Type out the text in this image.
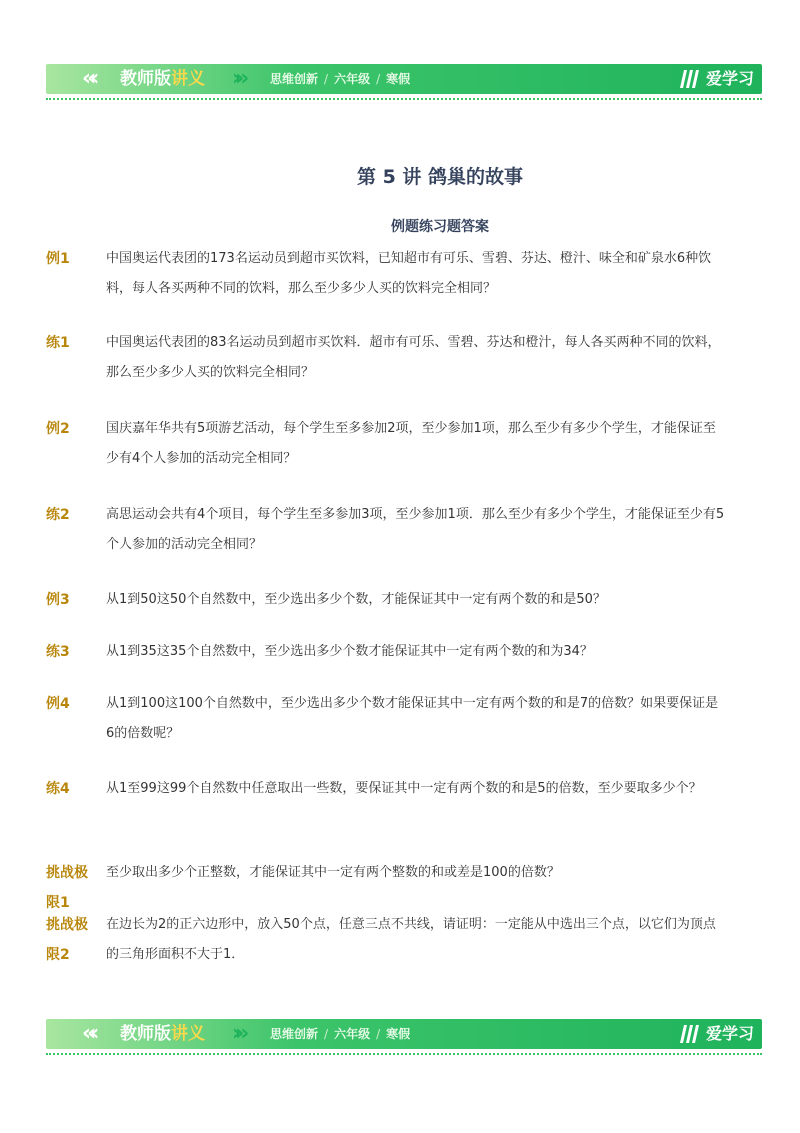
«‹ 教师版讲义 ›» 思维创新 / 六年级 / 寒假	爱学习
第 5 讲 鸽巢的故事
例题练习题答案
例1	中国奥运代表团的173名运动员到超市买饮料，已知超市有可乐、雪碧、芬达、橙汁、味全和矿泉水6种饮料，每人各买两种不同的饮料，那么至少多少人买的饮料完全相同？
练1	中国奥运代表团的83名运动员到超市买饮料．超市有可乐、雪碧、芬达和橙汁，每人各买两种不同的饮料，那么至少多少人买的饮料完全相同？
例2	国庆嘉年华共有5项游艺活动，每个学生至多参加2项，至少参加1项，那么至少有多少个学生，才能保证至少有4个人参加的活动完全相同？
练2	高思运动会共有4个项目，每个学生至多参加3项，至少参加1项．那么至少有多少个学生，才能保证至少有5个人参加的活动完全相同？
例3	从1到50这50个自然数中，至少选出多少个数，才能保证其中一定有两个数的和是50？
练3	从1到35这35个自然数中，至少选出多少个数才能保证其中一定有两个数的和为34？
例4	从1到100这100个自然数中，至少选出多少个数才能保证其中一定有两个数的和是7的倍数？如果要保证是6的倍数呢？
练4	从1至99这99个自然数中任意取出一些数，要保证其中一定有两个数的和是5的倍数，至少要取多少个？
挑战极限1
至少取出多少个正整数，才能保证其中一定有两个整数的和或差是100的倍数？
挑战极限2
在边长为2的正六边形中，放入50个点，任意三点不共线，请证明：一定能从中选出三个点，以它们为顶点的三角形面积不大于1．
«‹ 教师版讲义 ›» 思维创新 / 六年级 / 寒假	爱学习
